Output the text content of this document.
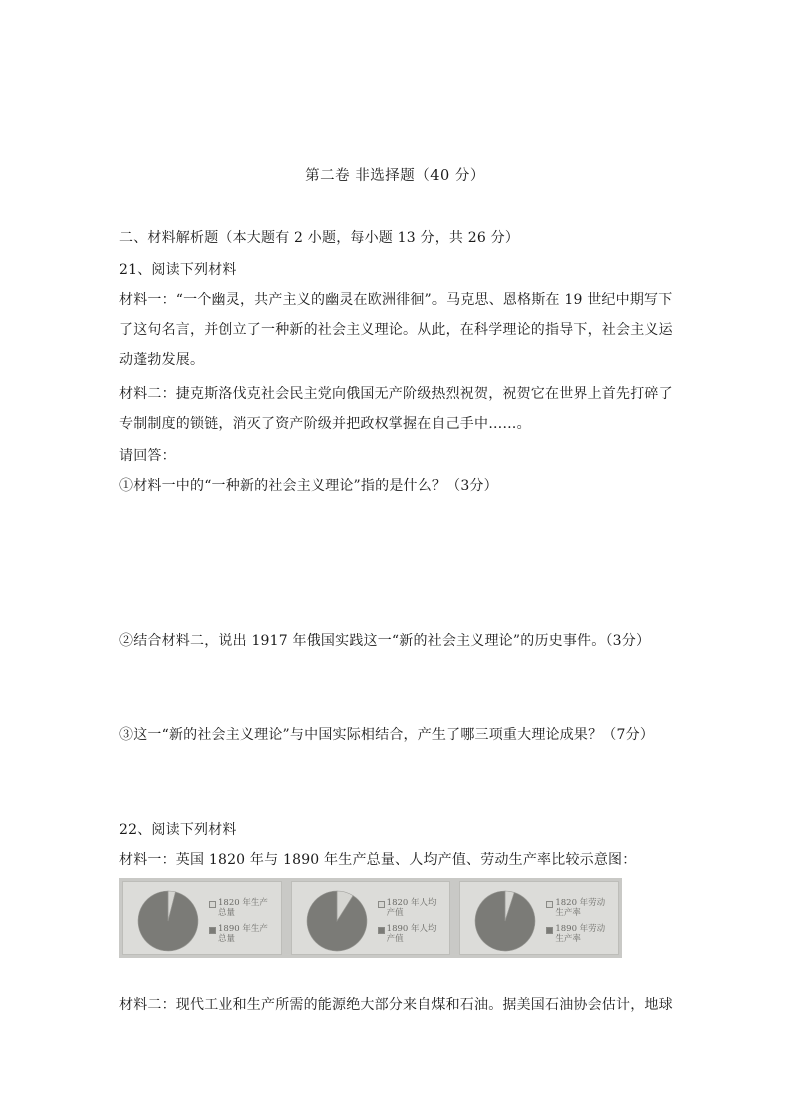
第二卷 非选择题（40 分）
二、材料解析题（本大题有 2 小题，每小题 13 分，共 26 分）
21、阅读下列材料
材料一：“一个幽灵，共产主义的幽灵在欧洲徘徊”。马克思、恩格斯在 19 世纪中期写下
了这句名言，并创立了一种新的社会主义理论。从此，在科学理论的指导下，社会主义运
动蓬勃发展。
材料二：捷克斯洛伐克社会民主党向俄国无产阶级热烈祝贺，祝贺它在世界上首先打碎了
专制制度的锁链，消灭了资产阶级并把政权掌握在自己手中……。
请回答：
①材料一中的“一种新的社会主义理论”指的是什么？（3分）
②结合材料二，说出 1917 年俄国实践这一“新的社会主义理论”的历史事件。（3分）
③这一“新的社会主义理论”与中国实际相结合，产生了哪三项重大理论成果？（7分）
22、阅读下列材料
材料一：英国 1820 年与 1890 年生产总量、人均产值、劳动生产率比较示意图：
材料二：现代工业和生产所需的能源绝大部分来自煤和石油。据美国石油协会估计，地球
1820 年生产
总量
1890 年生产
总量
1820 年人均
产值
1890 年人均
产值
1820 年劳动
生产率
1890 年劳动
生产率
